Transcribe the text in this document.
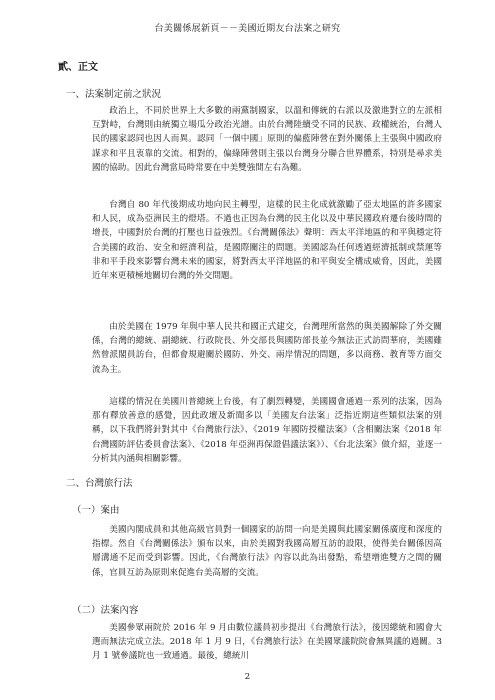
台美關係展新頁－－美國近期友台法案之研究
貳、正文
一、法案制定前之狀況

政治上，不同於世界上大多數的兩黨制國家，以溫和傳統的右派以及激進對立的左派相互對峙，台灣則由統獨立場瓜分政治光譜。由於台灣陸續受不同的民族、政權統治，台灣人民的國家認同也因人而異。認同「一個中國」原則的偏藍陣營在對外關係上主張與中國政府謀求和平且衷靠的交流。相對的，偏綠陣營則主張以台灣身分聯合世界體系，特別是尋求美國的協助。因此台灣當局時常要在中美雙強間左右為難。

台灣自 80 年代後期成功地向民主轉型，這樣的民主化成就激勵了亞太地區的許多國家和人民，成為亞洲民主的燈塔。不過也正因為台灣的民主化以及中華民國政府遷台後時間的增長，中國對於台灣的打壓也日益強烈。《台灣關係法》聲明：西太平洋地區的和平與穩定符合美國的政治、安全和經濟利益，是國際關注的問題。美國認為任何透過經濟抵制或禁運等非和平手段來影響台灣未來的國家，將對西太平洋地區的和平與安全構成威脅，因此，美國近年來更積極地關切台灣的外交問題。

由於美國在 1979 年與中華人民共和國正式建交，台灣理所當然的與美國解除了外交關係，台灣的總統、副總統、行政院長、外交部長與國防部長並今無法正式訪問華府，美國雖然曾派閣員訪台，但都會規避關於國防、外交、兩岸情況的問題，多以商務、教育等方面交流為主。

這樣的情況在美國川普總統上台後，有了劇烈轉變，美國國會通過一系列的法案，因為那有釋放善意的感覺，因此政壇及新聞多以「美國友台法案」泛指近期這些類似法案的別稱，以下我們將針對其中《台灣旅行法》、《2019 年國防授權法案》（含相關法案《2018 年台灣國防評估委員會法案》、《2018 年亞洲再保證倡議法案》）、《台北法案》做介紹，並逐一分析其內涵與相關影響。

二、台灣旅行法
（一）案由

美國內閣成員和其他高級官員對一個國家的訪問一向是美國與此國家關係廣度和深度的指標。然自《台灣關係法》頒布以來，由於美國對我國高層互訪的設限，使得美台關係因高層溝通不足而受到影響。因此，《台灣旅行法》內容以此為出發點，希望增進雙方之間的關係，官員互訪為原則來促進台美高層的交流。

（二）法案內容

美國參眾兩院於 2016 年 9 月由數位議員初步提出《台灣旅行法》，後因總統和國會大選而無法完成立法。2018 年 1 月 9 日，《台灣旅行法》在美國眾議院院會無異議的過關。3 月 1 號參議院也一致通過。最後，總統川

2
